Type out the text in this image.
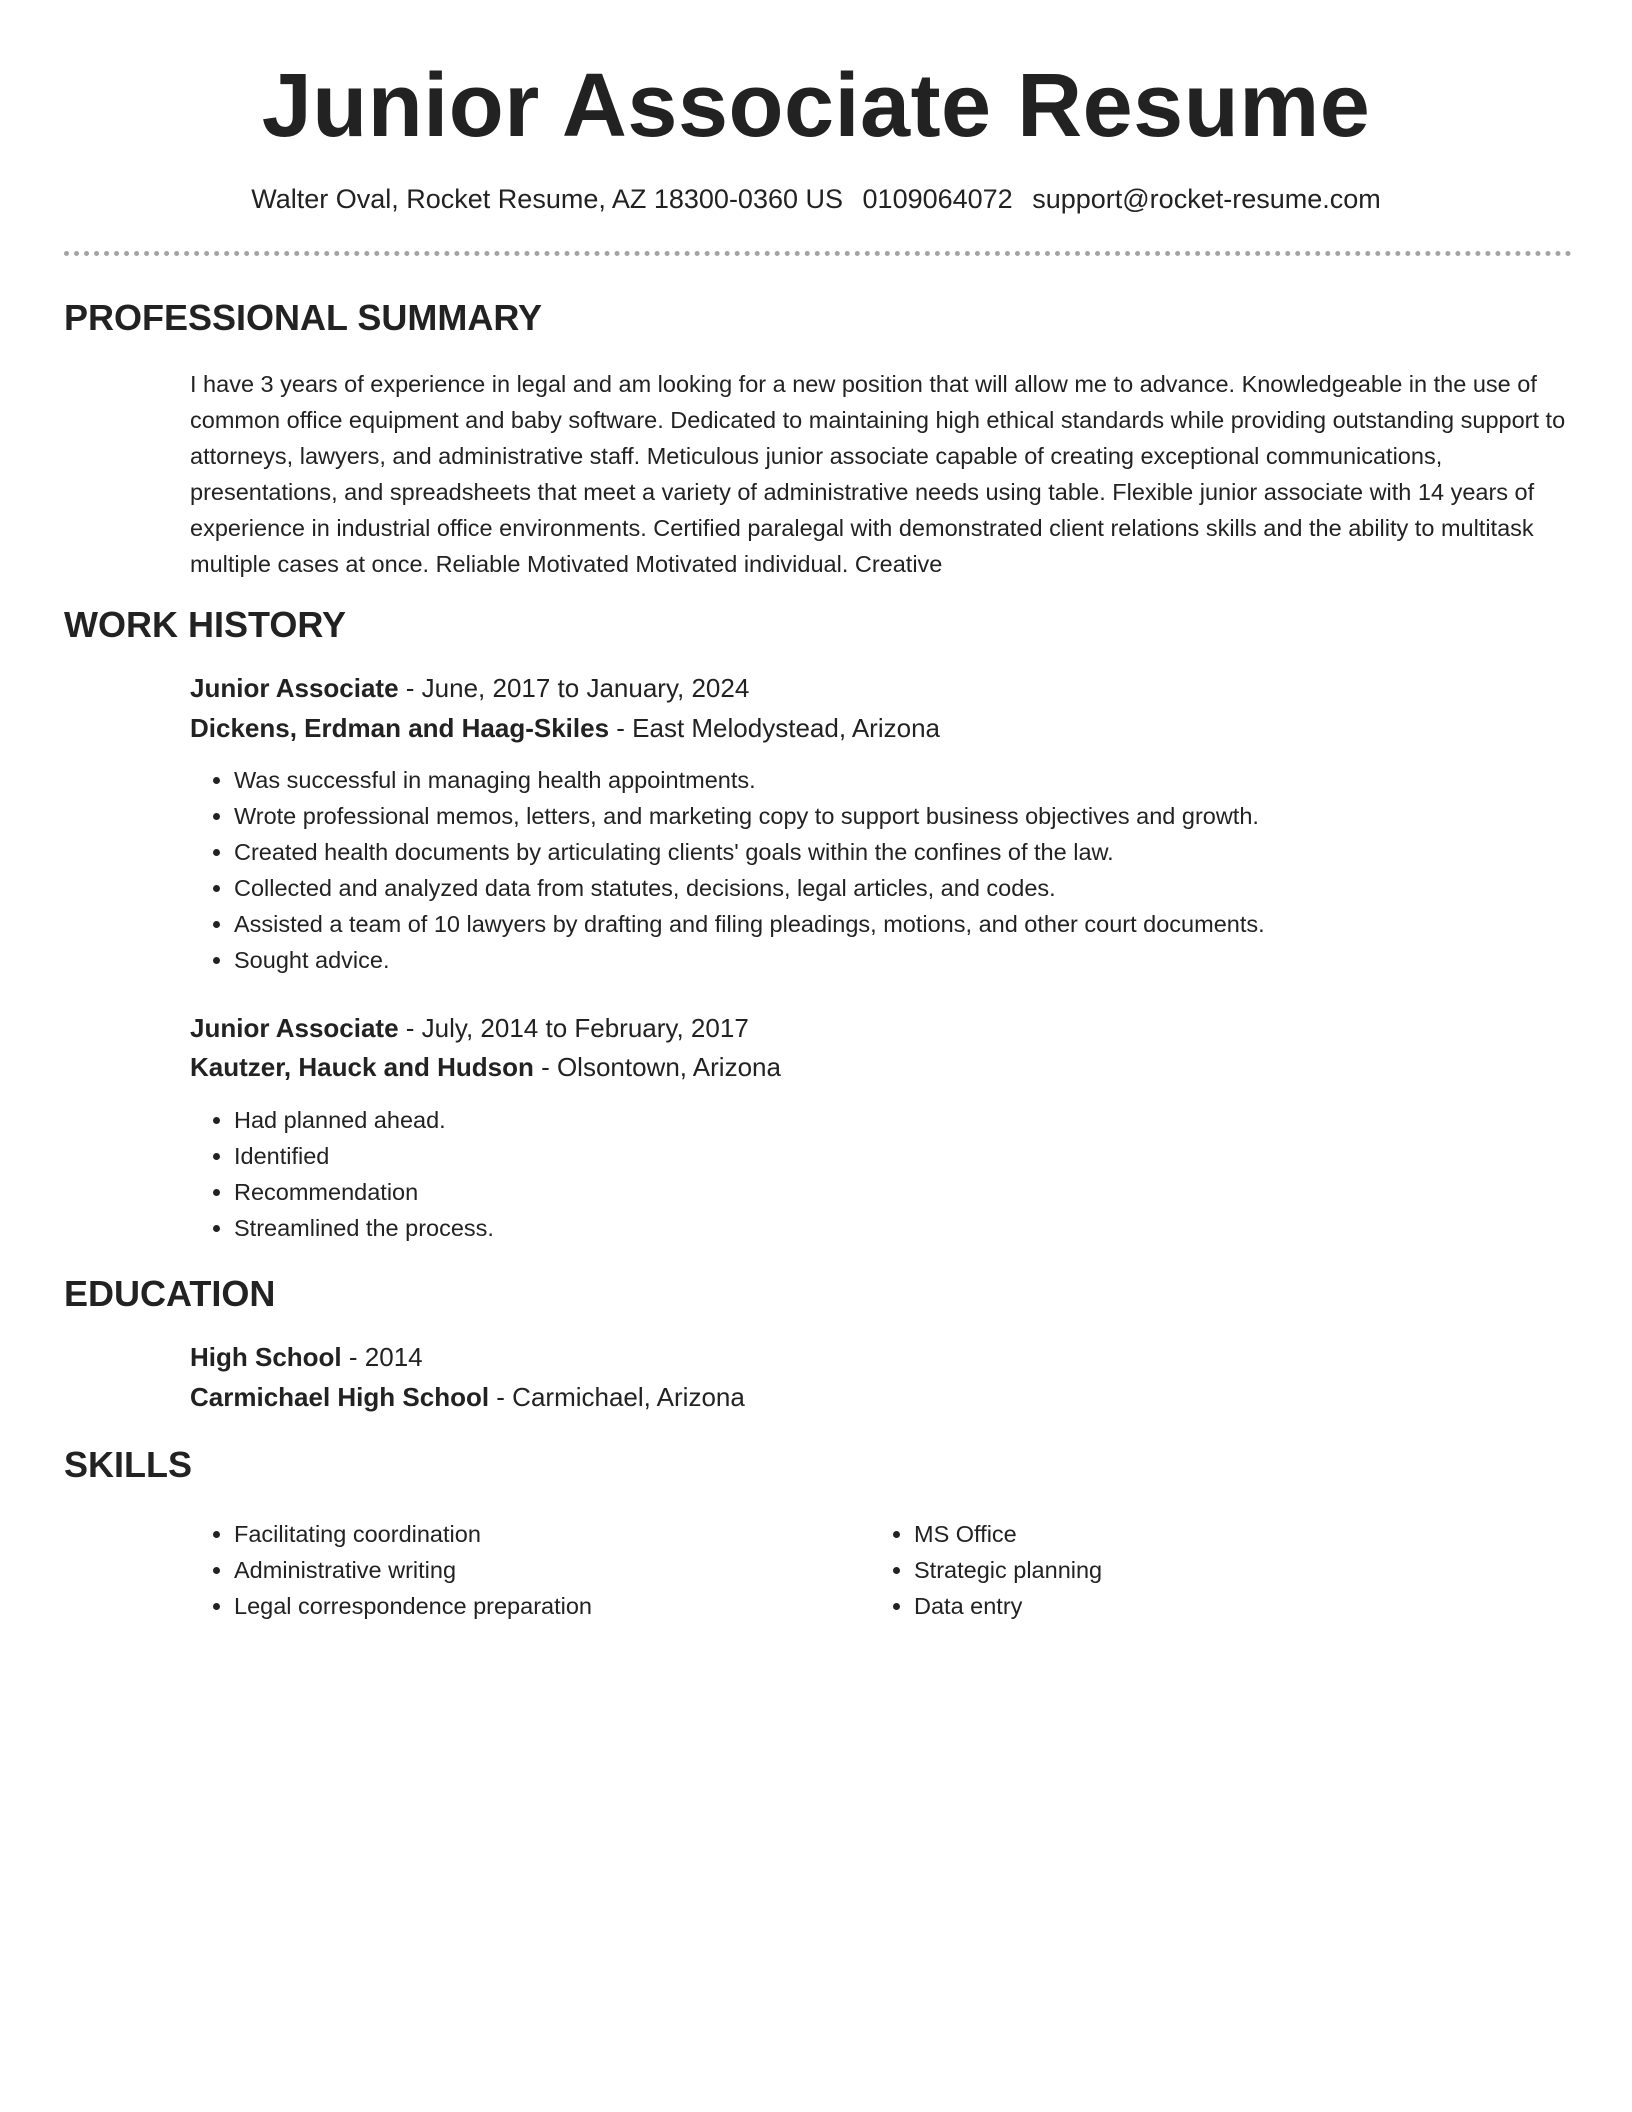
Junior Associate Resume
Walter Oval, Rocket Resume, AZ 18300-0360 US 0109064072 support@rocket-resume.com
PROFESSIONAL SUMMARY
I have 3 years of experience in legal and am looking for a new position that will allow me to advance. Knowledgeable in the use of common office equipment and baby software. Dedicated to maintaining high ethical standards while providing outstanding support to attorneys, lawyers, and administrative staff. Meticulous junior associate capable of creating exceptional communications, presentations, and spreadsheets that meet a variety of administrative needs using table. Flexible junior associate with 14 years of experience in industrial office environments. Certified paralegal with demonstrated client relations skills and the ability to multitask multiple cases at once. Reliable Motivated Motivated individual. Creative
WORK HISTORY
Junior Associate - June, 2017 to January, 2024
Dickens, Erdman and Haag-Skiles - East Melodystead, Arizona
• Was successful in managing health appointments.
• Wrote professional memos, letters, and marketing copy to support business objectives and growth.
• Created health documents by articulating clients' goals within the confines of the law.
• Collected and analyzed data from statutes, decisions, legal articles, and codes.
• Assisted a team of 10 lawyers by drafting and filing pleadings, motions, and other court documents.
• Sought advice.
Junior Associate - July, 2014 to February, 2017
Kautzer, Hauck and Hudson - Olsontown, Arizona
• Had planned ahead.
• Identified
• Recommendation
• Streamlined the process.
EDUCATION
High School - 2014
Carmichael High School - Carmichael, Arizona
SKILLS
• Facilitating coordination
• Administrative writing
• Legal correspondence preparation
• MS Office
• Strategic planning
• Data entry
